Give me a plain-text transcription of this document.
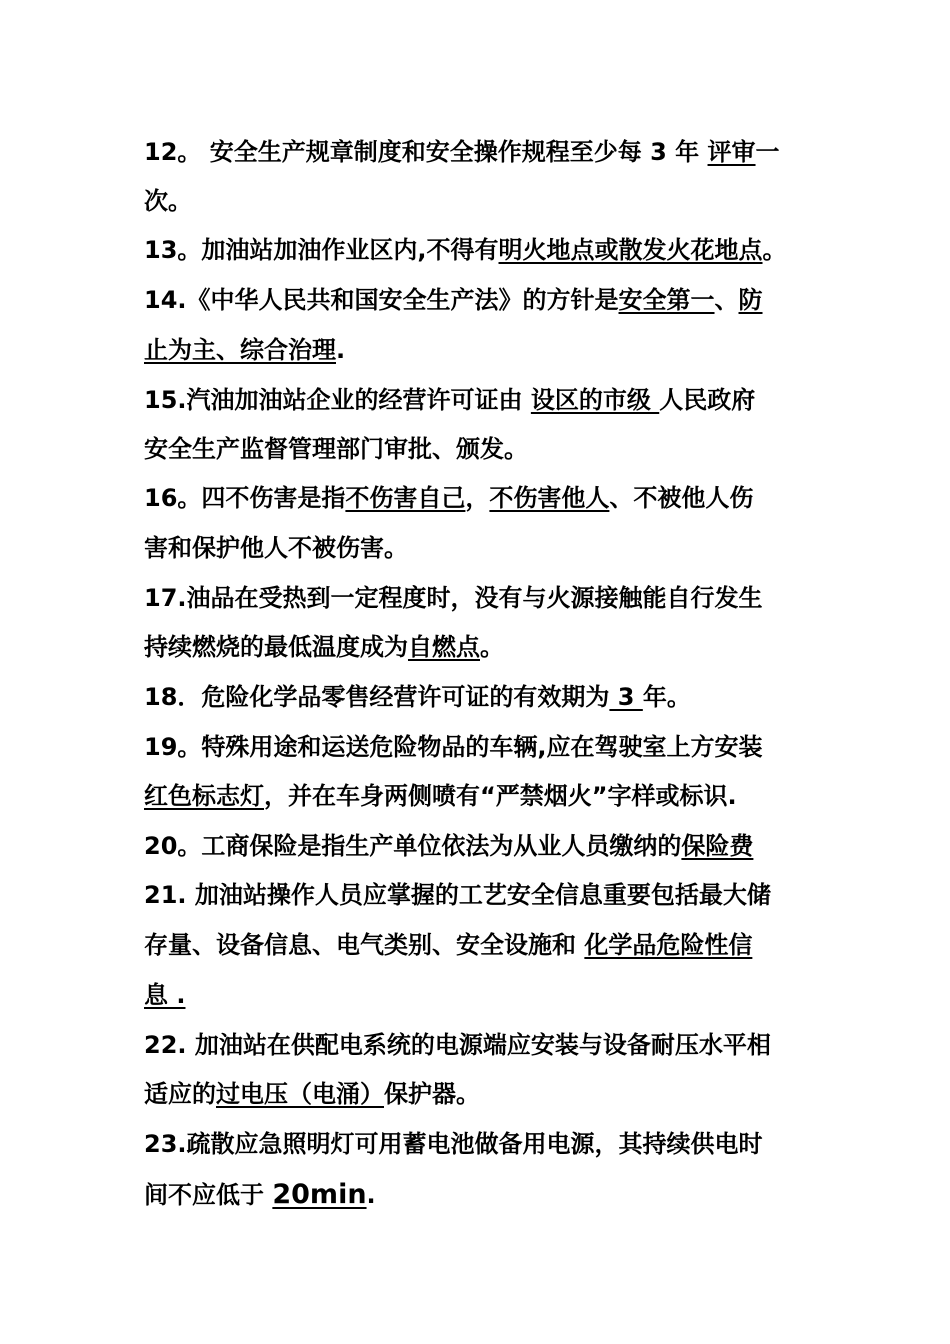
12。 安全生产规章制度和安全操作规程至少每 3 年 评审一
次。
13。加油站加油作业区内,不得有明火地点或散发火花地点。
14.《中华人民共和国安全生产法》的方针是安全第一、防
止为主、综合治理.
15.汽油加油站企业的经营许可证由 设区的市级 人民政府
安全生产监督管理部门审批、颁发。
16。四不伤害是指不伤害自己，不伤害他人、不被他人伤
害和保护他人不被伤害。
17.油品在受热到一定程度时，没有与火源接触能自行发生
持续燃烧的最低温度成为自燃点。
18．危险化学品零售经营许可证的有效期为 3 年。
19。特殊用途和运送危险物品的车辆,应在驾驶室上方安装
红色标志灯，并在车身两侧喷有“严禁烟火”字样或标识.
20。工商保险是指生产单位依法为从业人员缴纳的保险费
21. 加油站操作人员应掌握的工艺安全信息重要包括最大储
存量、设备信息、电气类别、安全设施和 化学品危险性信
息 .
22. 加油站在供配电系统的电源端应安装与设备耐压水平相
适应的过电压（电涌）保护器。
23.疏散应急照明灯可用蓄电池做备用电源，其持续供电时
间不应低于 20min.
